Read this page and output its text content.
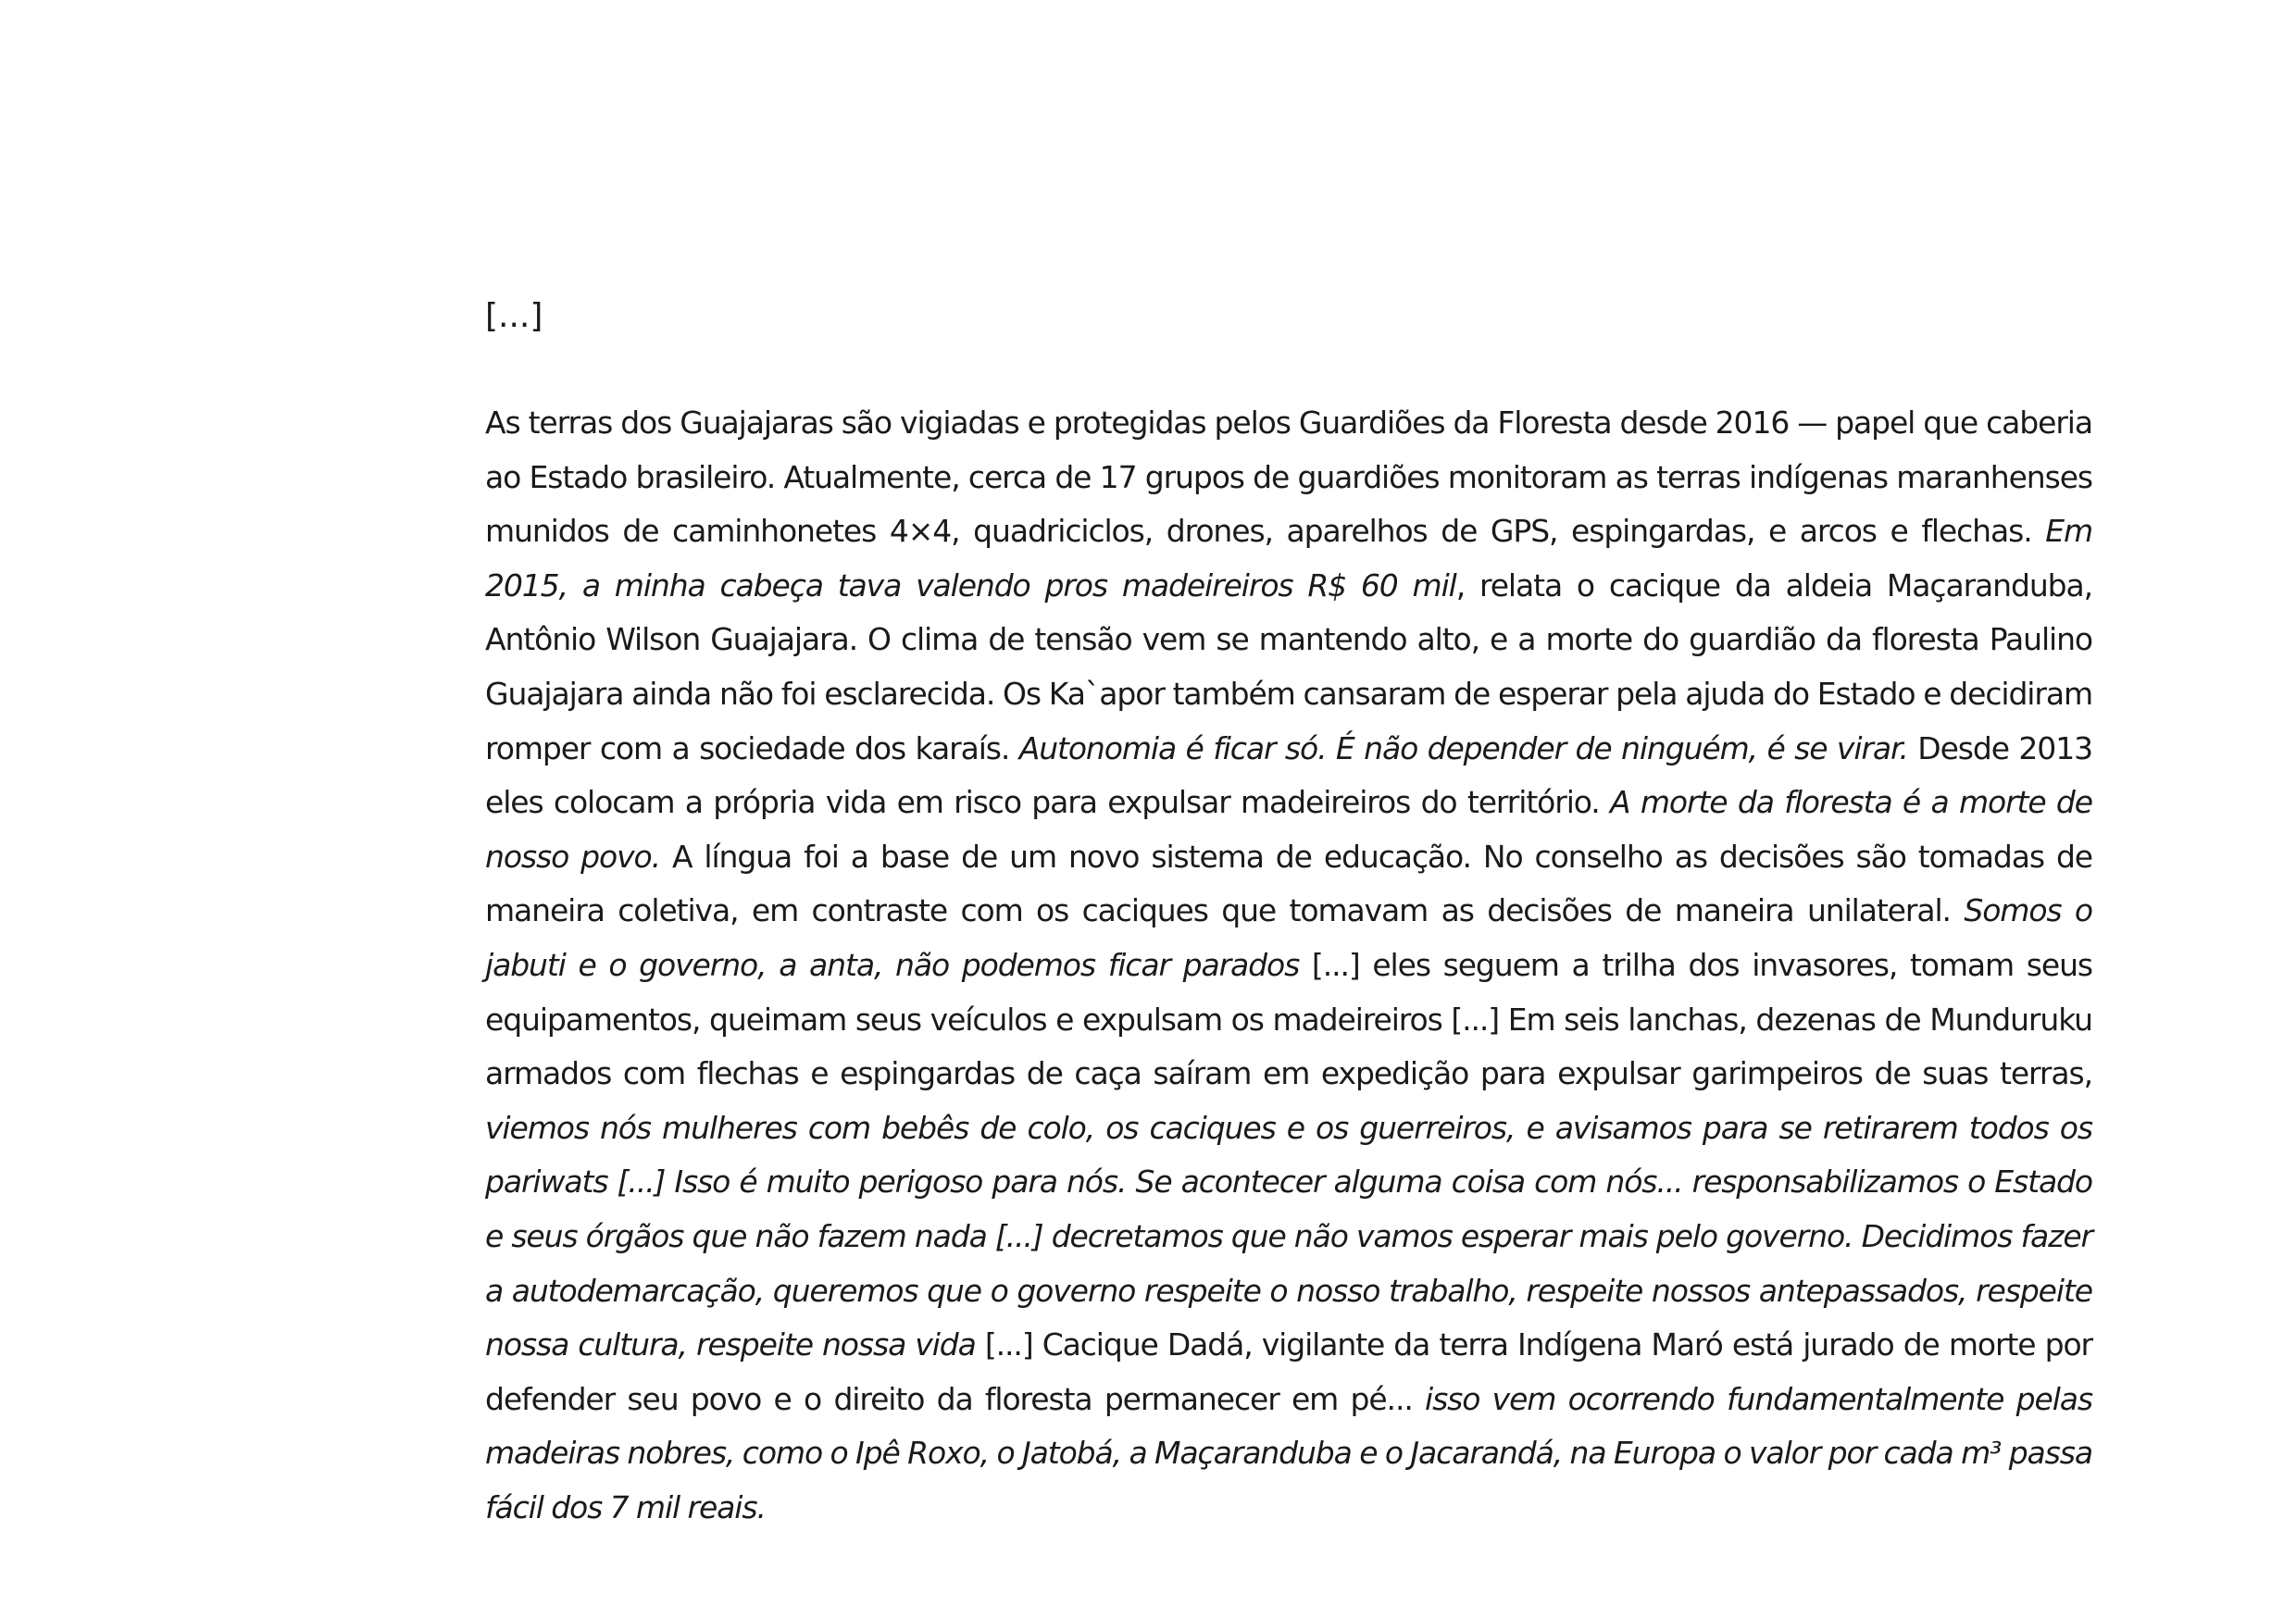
[...]

As terras dos Guajajaras são vigiadas e protegidas pelos Guardiões da Floresta desde 2016 — papel que caberia ao Estado brasileiro. Atualmente, cerca de 17 grupos de guardiões monitoram as terras indígenas maranhenses munidos de caminhonetes 4×4, quadriciclos, drones, aparelhos de GPS, espingardas, e arcos e flechas. Em 2015, a minha cabeça tava valendo pros madeireiros R$ 60 mil, relata o cacique da aldeia Maçaranduba, Antônio Wilson Guajajara. O clima de tensão vem se mantendo alto, e a morte do guardião da floresta Paulino Guajajara ainda não foi esclarecida. Os Ka`apor também cansaram de esperar pela ajuda do Estado e decidiram romper com a sociedade dos karaís. Autonomia é ficar só. É não depender de ninguém, é se virar. Desde 2013 eles colocam a própria vida em risco para expulsar madeireiros do território. A morte da floresta é a morte de nosso povo. A língua foi a base de um novo sistema de educação. No conselho as decisões são tomadas de maneira coletiva, em contraste com os caciques que tomavam as decisões de maneira unilateral. Somos o jabuti e o governo, a anta, não podemos ficar parados [...] eles seguem a trilha dos invasores, tomam seus equipamentos, queimam seus veículos e expulsam os madeireiros [...] Em seis lanchas, dezenas de Munduruku armados com flechas e espingardas de caça saíram em expedição para expulsar garimpeiros de suas terras, viemos nós mulheres com bebês de colo, os caciques e os guerreiros, e avisamos para se retirarem todos os pariwats [...] Isso é muito perigoso para nós. Se acontecer alguma coisa com nós... responsabilizamos o Estado e seus órgãos que não fazem nada [...] decretamos que não vamos esperar mais pelo governo. Decidimos fazer a autodemarcação, queremos que o governo respeite o nosso trabalho, respeite nossos antepassados, respeite nossa cultura, respeite nossa vida [...] Cacique Dadá, vigilante da terra Indígena Maró está jurado de morte por defender seu povo e o direito da floresta permanecer em pé... isso vem ocorrendo fundamentalmente pelas madeiras nobres, como o Ipê Roxo, o Jatobá, a Maçaranduba e o Jacarandá, na Europa o valor por cada m³ passa fácil dos 7 mil reais.
